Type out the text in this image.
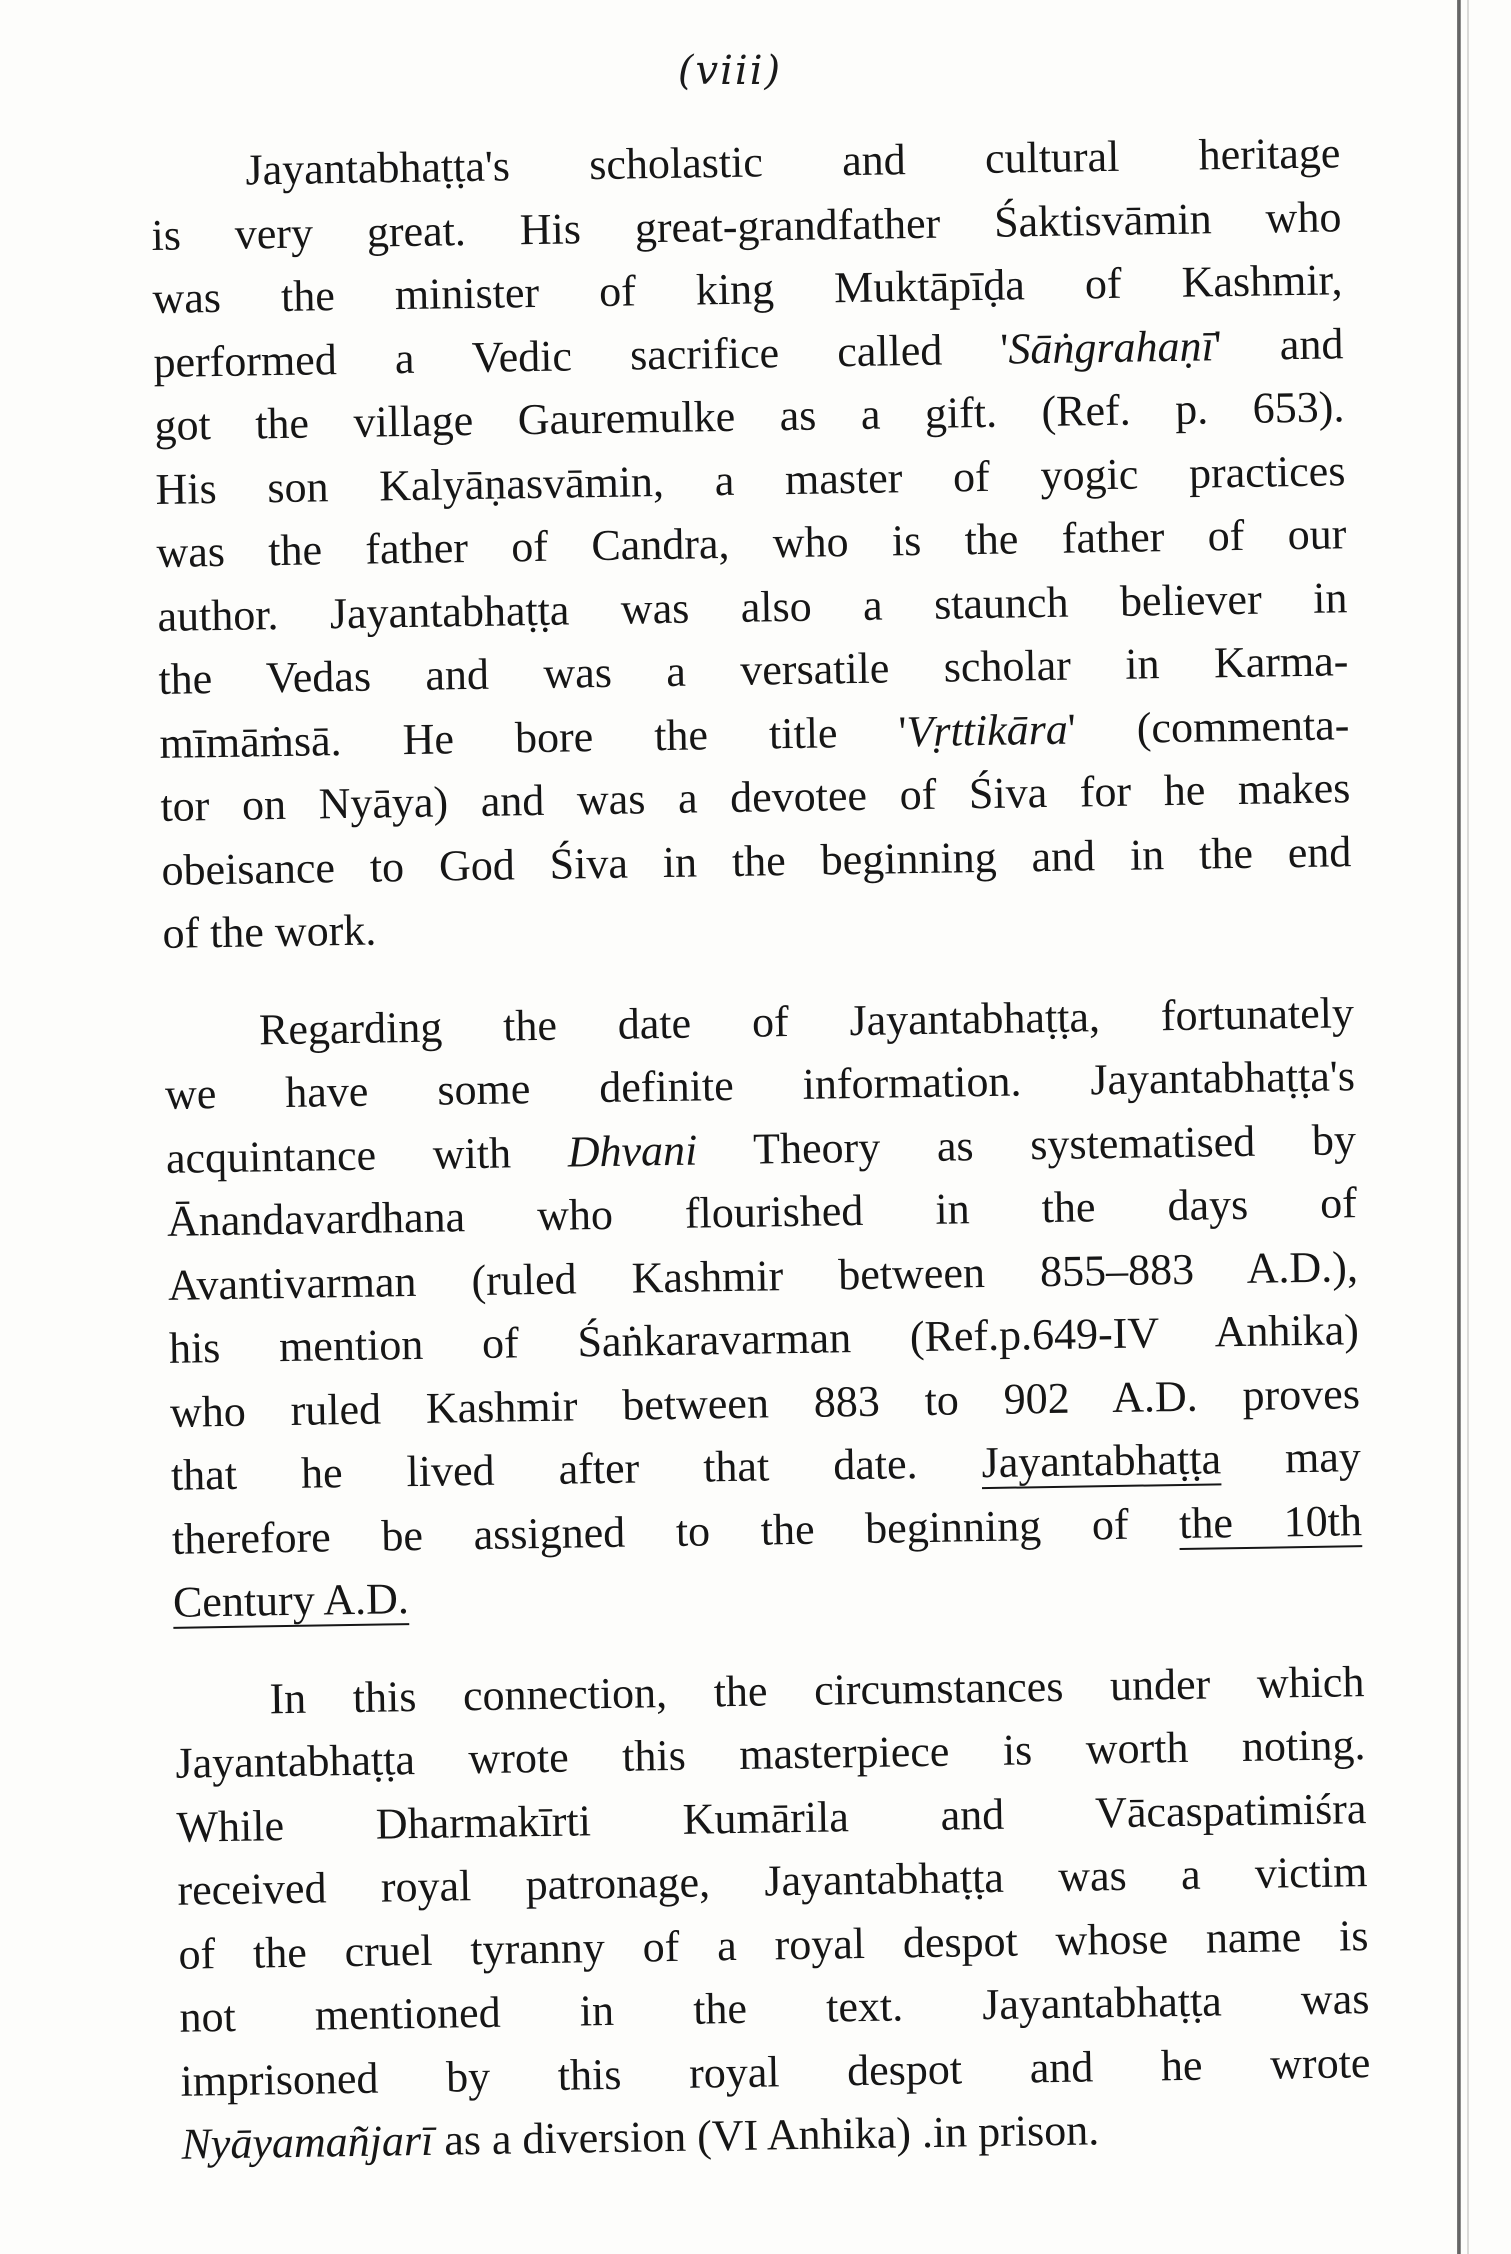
(viii)
Jayantabhaṭṭa's scholastic and cultural heritage
is very great. His great-grandfather Śaktisvāmin who
was the minister of king Muktāpīḍa of Kashmir,
performed a Vedic sacrifice called 'Sāṅgrahaṇī' and
got the village Gauremulke as a gift. (Ref. p. 653).
His son Kalyāṇasvāmin, a master of yogic practices
was the father of Candra, who is the father of our
author. Jayantabhaṭṭa was also a staunch believer in
the Vedas and was a versatile scholar in Karma-
mīmāṁsā. He bore the title 'Vṛttikāra' (commenta-
tor on Nyāya) and was a devotee of Śiva for he makes
obeisance to God Śiva in the beginning and in the end
of the work.
Regarding the date of Jayantabhaṭṭa, fortunately
we have some definite information. Jayantabhaṭṭa's
acquintance with Dhvani Theory as systematised by
Ānandavardhana who flourished in the days of
Avantivarman (ruled Kashmir between 855–883 A.D.),
his mention of Śaṅkaravarman (Ref.p.649-IV Anhika)
who ruled Kashmir between 883 to 902 A.D. proves
that he lived after that date. Jayantabhaṭṭa may
therefore be assigned to the beginning of the 10th
Century A.D.
In this connection, the circumstances under which
Jayantabhaṭṭa wrote this masterpiece is worth noting.
While Dharmakīrti Kumārila and Vācaspatimiśra
received royal patronage, Jayantabhaṭṭa was a victim
of the cruel tyranny of a royal despot whose name is
not mentioned in the text. Jayantabhaṭṭa was
imprisoned by this royal despot and he wrote
Nyāyamañjarī as a diversion (VI Anhika) .in prison.
